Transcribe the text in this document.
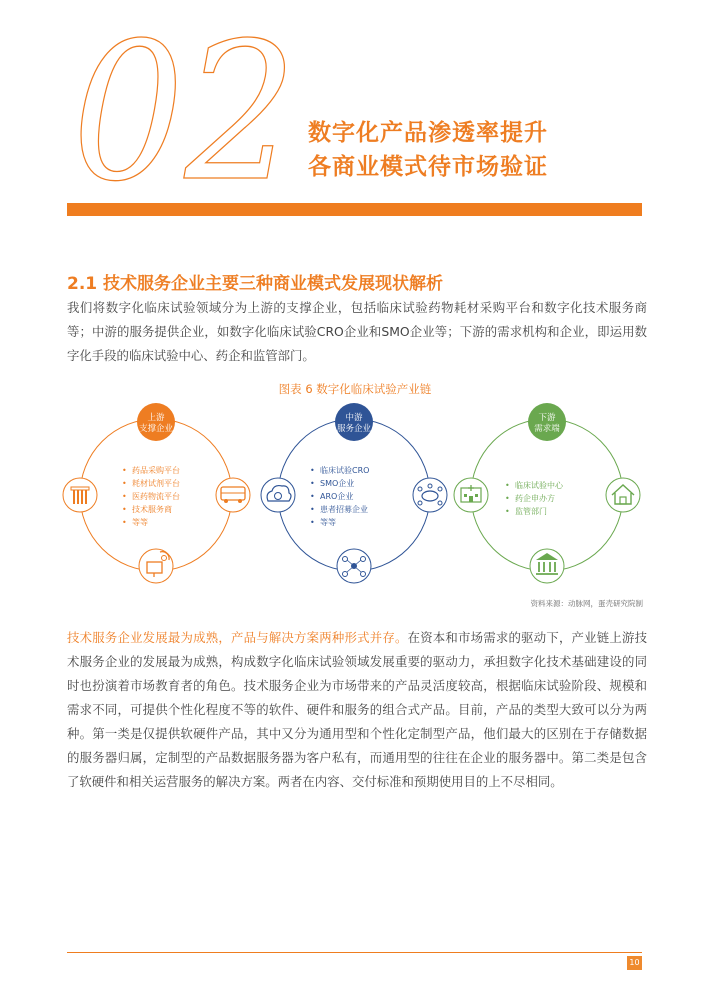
02 数字化产品渗透率提升
各商业模式待市场验证
2.1 技术服务企业主要三种商业模式发展现状解析
我们将数字化临床试验领域分为上游的支撑企业，包括临床试验药物耗材采购平台和数字化技术服务商等；中游的服务提供企业，如数字化临床试验CRO企业和SMO企业等；下游的需求机构和企业，即运用数字化手段的临床试验中心、药企和监管部门。
图表 6 数字化临床试验产业链
上游
支撑企业
• 药品采购平台
• 耗材试剂平台
• 医药物流平台
• 技术服务商
• 等等
中游
服务企业
• 临床试验CRO
• SMO企业
• ARO企业
• 患者招募企业
• 等等
下游
需求端
• 临床试验中心
• 药企申办方
• 监管部门
资料来源：动脉网，蛋壳研究院制
技术服务企业发展最为成熟，产品与解决方案两种形式并存。在资本和市场需求的驱动下，产业链上游技术服务企业的发展最为成熟，构成数字化临床试验领域发展重要的驱动力，承担数字化技术基础建设的同时也扮演着市场教育者的角色。技术服务企业为市场带来的产品灵活度较高，根据临床试验阶段、规模和需求不同，可提供个性化程度不等的软件、硬件和服务的组合式产品。目前，产品的类型大致可以分为两种。第一类是仅提供软硬件产品，其中又分为通用型和个性化定制型产品，他们最大的区别在于存储数据的服务器归属，定制型的产品数据服务器为客户私有，而通用型的往往在企业的服务器中。第二类是包含了软硬件和相关运营服务的解决方案。两者在内容、交付标准和预期使用目的上不尽相同。
10
